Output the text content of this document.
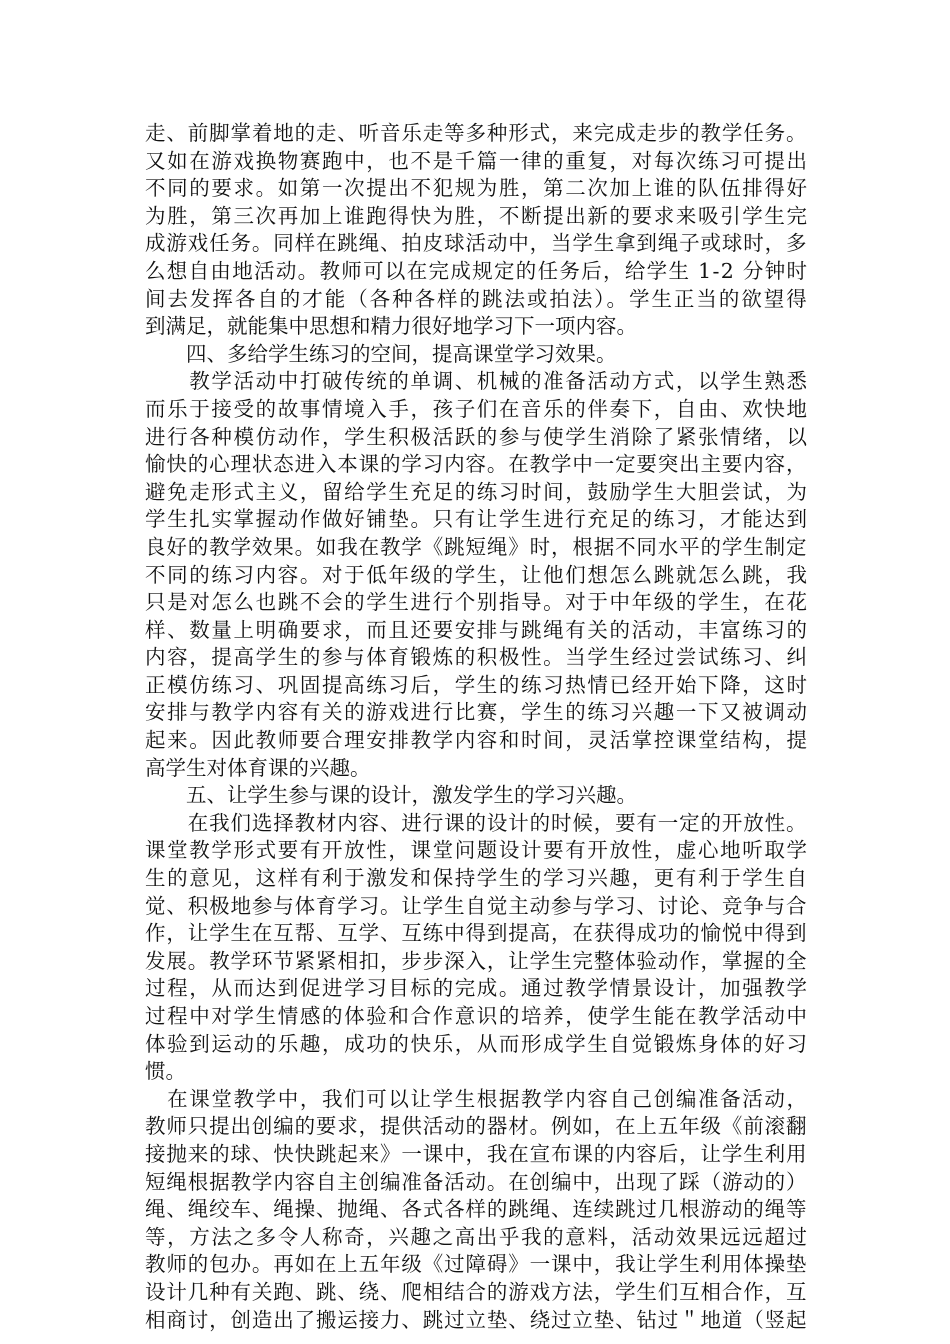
走、前脚掌着地的走、听音乐走等多种形式，来完成走步的教学任务。
又如在游戏换物赛跑中，也不是千篇一律的重复，对每次练习可提出
不同的要求。如第一次提出不犯规为胜，第二次加上谁的队伍排得好
为胜，第三次再加上谁跑得快为胜，不断提出新的要求来吸引学生完
成游戏任务。同样在跳绳、拍皮球活动中，当学生拿到绳子或球时，多
么想自由地活动。教师可以在完成规定的任务后，给学生 1-2 分钟时
间去发挥各自的才能（各种各样的跳法或拍法）。学生正当的欲望得
到满足，就能集中思想和精力很好地学习下一项内容。
　　四、多给学生练习的空间，提高课堂学习效果。
　　教学活动中打破传统的单调、机械的准备活动方式，以学生熟悉
而乐于接受的故事情境入手，孩子们在音乐的伴奏下，自由、欢快地
进行各种模仿动作，学生积极活跃的参与使学生消除了紧张情绪，以
愉快的心理状态进入本课的学习内容。在教学中一定要突出主要内容，
避免走形式主义，留给学生充足的练习时间，鼓励学生大胆尝试，为
学生扎实掌握动作做好铺垫。只有让学生进行充足的练习，才能达到
良好的教学效果。如我在教学《跳短绳》时，根据不同水平的学生制定
不同的练习内容。对于低年级的学生，让他们想怎么跳就怎么跳，我
只是对怎么也跳不会的学生进行个别指导。对于中年级的学生，在花
样、数量上明确要求，而且还要安排与跳绳有关的活动，丰富练习的
内容，提高学生的参与体育锻炼的积极性。当学生经过尝试练习、纠
正模仿练习、巩固提高练习后，学生的练习热情已经开始下降，这时
安排与教学内容有关的游戏进行比赛，学生的练习兴趣一下又被调动
起来。因此教师要合理安排教学内容和时间，灵活掌控课堂结构，提
高学生对体育课的兴趣。
　　五、让学生参与课的设计，激发学生的学习兴趣。
　　在我们选择教材内容、进行课的设计的时候，要有一定的开放性。
课堂教学形式要有开放性，课堂问题设计要有开放性，虚心地听取学
生的意见，这样有利于激发和保持学生的学习兴趣，更有利于学生自
觉、积极地参与体育学习。让学生自觉主动参与学习、讨论、竞争与合
作，让学生在互帮、互学、互练中得到提高，在获得成功的愉悦中得到
发展。教学环节紧紧相扣，步步深入，让学生完整体验动作，掌握的全
过程，从而达到促进学习目标的完成。通过教学情景设计，加强教学
过程中对学生情感的体验和合作意识的培养，使学生能在教学活动中
体验到运动的乐趣，成功的快乐，从而形成学生自觉锻炼身体的好习
惯。
　在课堂教学中，我们可以让学生根据教学内容自己创编准备活动，
教师只提出创编的要求，提供活动的器材。例如，在上五年级《前滚翻
接抛来的球、快快跳起来》一课中，我在宣布课的内容后，让学生利用
短绳根据教学内容自主创编准备活动。在创编中，出现了踩（游动的）
绳、绳绞车、绳操、抛绳、各式各样的跳绳、连续跳过几根游动的绳等
等，方法之多令人称奇，兴趣之高出乎我的意料，活动效果远远超过
教师的包办。再如在上五年级《过障碍》一课中，我让学生利用体操垫
设计几种有关跑、跳、绕、爬相结合的游戏方法，学生们互相合作，互
相商讨，创造出了搬运接力、跳过立垫、绕过立垫、钻过＂地道（竖起
